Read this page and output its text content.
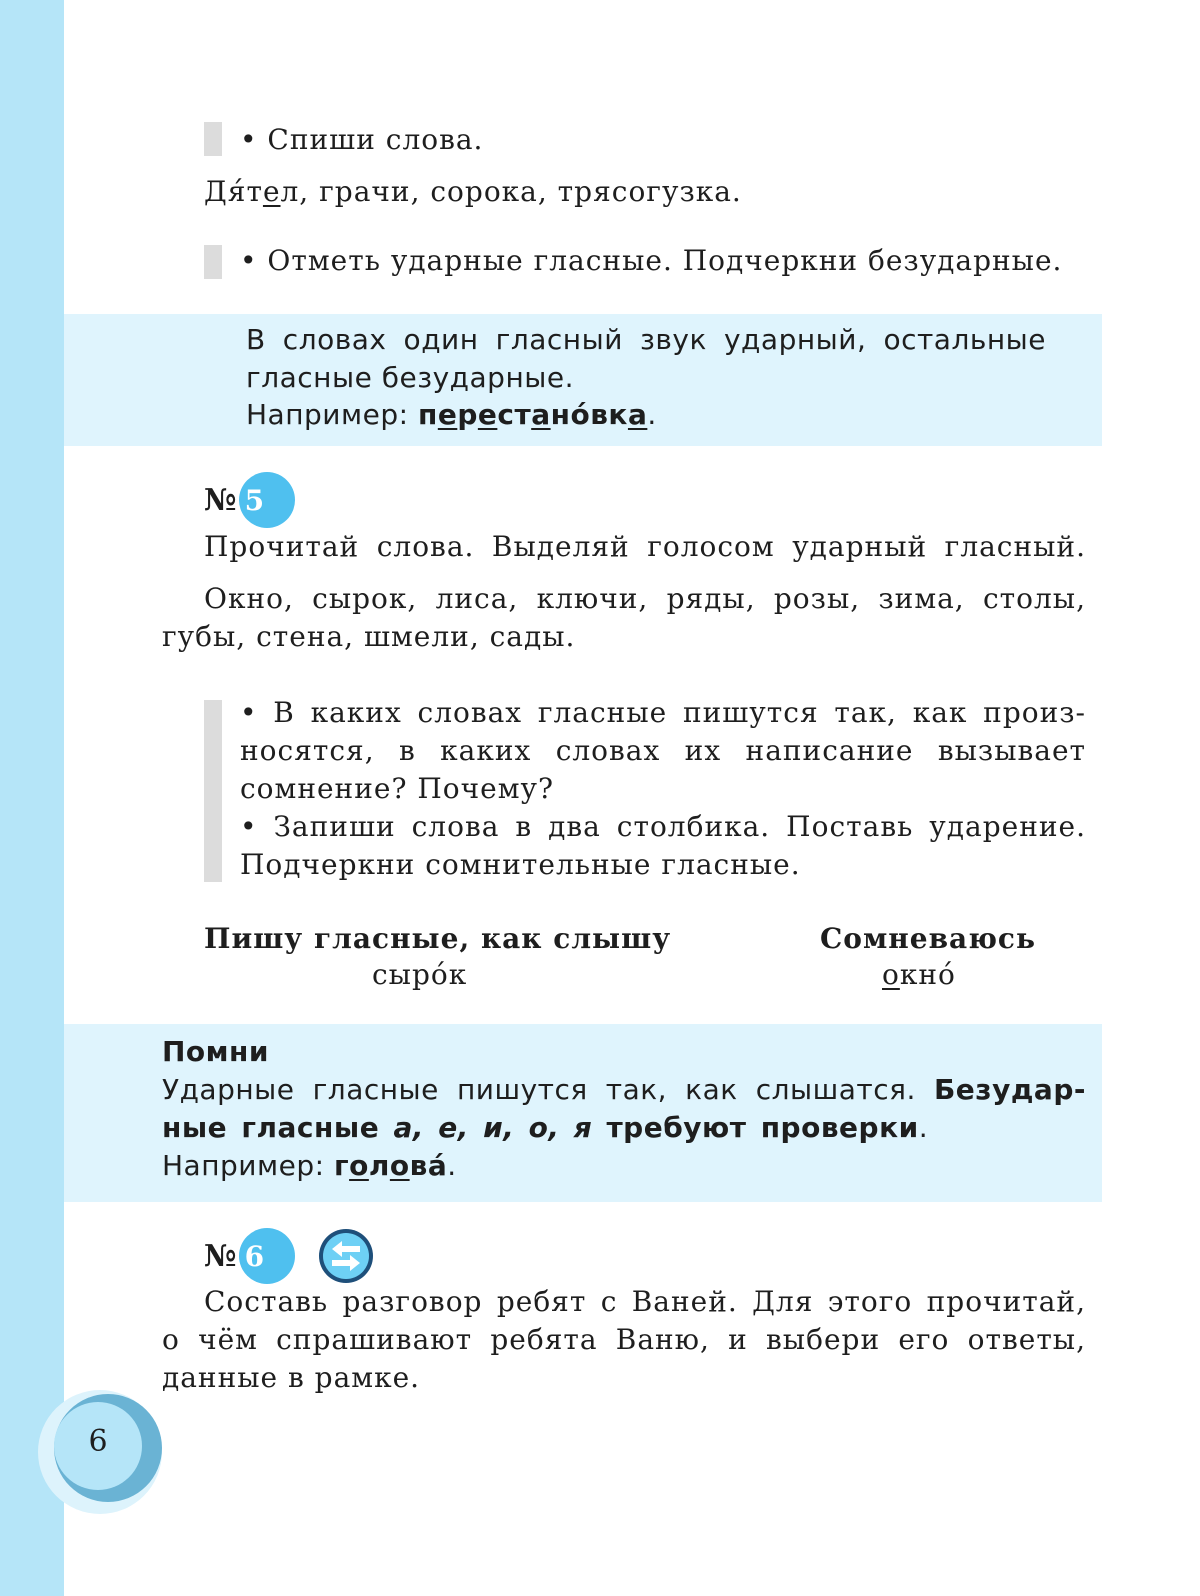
• Спиши слова.
Дятел, грачи, сорока, трясогузка.
• Отметь ударные гласные. Подчеркни безударные.
В словах один гласный звук ударный, остальные
гласные безударные.
Например: перестано́вка.
№ 5
Прочитай слова. Выделяй голосом ударный гласный.
Окно, сырок, лиса, ключи, ряды, розы, зима, столы,
губы, стена, шмели, сады.
• В каких словах гласные пишутся так, как произ-
носятся, в каких словах их написание вызывает
сомнение? Почему?
• Запиши слова в два столбика. Поставь ударение.
Подчеркни сомнительные гласные.
Пишу гласные, как слышу
сыро́к
Сомневаюсь
окно́
Помни
Ударные гласные пишутся так, как слышатся. Безудар-
ные гласные а, е, и, о, я требуют проверки.
Например: голова́.
№ 6
Составь разговор ребят с Ваней. Для этого прочитай,
о чём спрашивают ребята Ваню, и выбери его ответы,
данные в рамке.
6
